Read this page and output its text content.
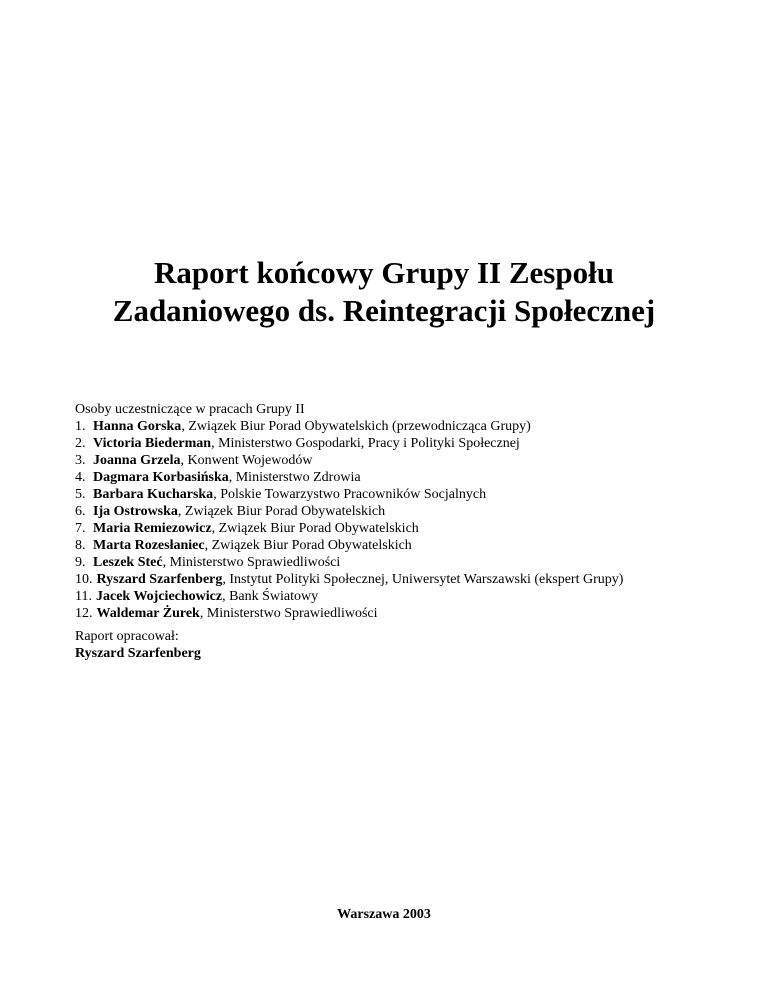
Raport końcowy Grupy II Zespołu
Zadaniowego ds. Reintegracji Społecznej
Osoby uczestniczące w pracach Grupy II
1. Hanna Gorska, Związek Biur Porad Obywatelskich (przewodnicząca Grupy)
2. Victoria Biederman, Ministerstwo Gospodarki, Pracy i Polityki Społecznej
3. Joanna Grzela, Konwent Wojewodów
4. Dagmara Korbasińska, Ministerstwo Zdrowia
5. Barbara Kucharska, Polskie Towarzystwo Pracowników Socjalnych
6. Ija Ostrowska, Związek Biur Porad Obywatelskich
7. Maria Remiezowicz, Związek Biur Porad Obywatelskich
8. Marta Rozesłaniec, Związek Biur Porad Obywatelskich
9. Leszek Steć, Ministerstwo Sprawiedliwości
10. Ryszard Szarfenberg, Instytut Polityki Społecznej, Uniwersytet Warszawski (ekspert Grupy)
11. Jacek Wojciechowicz, Bank Światowy
12. Waldemar Żurek, Ministerstwo Sprawiedliwości
Raport opracował:
Ryszard Szarfenberg
Warszawa 2003
